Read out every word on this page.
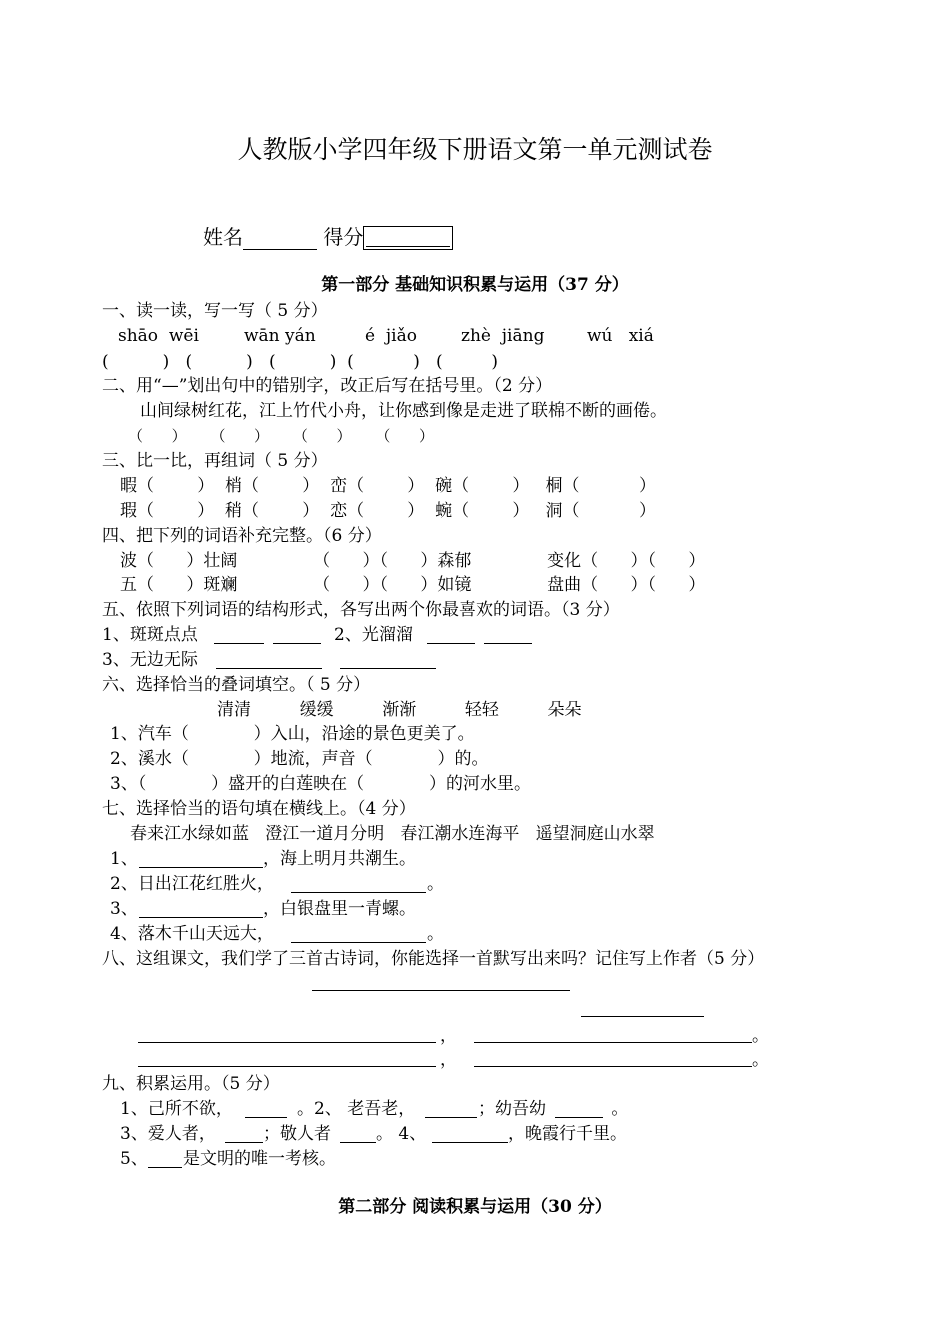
人教版小学四年级下册语文第一单元测试卷
姓名	得分
第一部分 基础知识积累与运用（37 分）
一、读一读，写一写（ 5 分）
shāo  wēi	wān yán	é  jiǎo	zhè  jiāng	wú   xiá
(          )   (          )   (          )  (           )   (         )
二、用“—”划出句中的错别字，改正后写在括号里。（2 分）
山间绿树红花，江上竹代小舟，让你感到像是走进了联棉不断的画倦。
（      ）     （      ）     （      ）     （      ）
三、比一比，再组词（ 5 分）
暇（        ）  梢（        ）  峦（        ）  碗（        ）   桐（           ）
瑕（        ）  稍（        ）  恋（        ）  蜿（        ）   洞（           ）
四、把下列的词语补充完整。（6 分）
波（      ）壮阔              （      ）（      ）森郁              变化（      ）（      ）
五（      ）斑斓              （      ）（      ）如镜              盘曲（      ）（      ）
五、依照下列词语的结构形式，各写出两个你最喜欢的词语。（3 分）
1、斑斑点点	2、光溜溜
3、无边无际
六、选择恰当的叠词填空。（ 5 分）
清清         缓缓         渐渐         轻轻         朵朵
1、汽车（            ）入山，沿途的景色更美了。
2、溪水（            ）地流，声音（            ）的。
3、（            ）盛开的白莲映在（            ）的河水里。
七、选择恰当的语句填在横线上。（4 分）
春来江水绿如蓝   澄江一道月分明   春江潮水连海平   遥望洞庭山水翠
1、	，海上明月共潮生。
2、日出江花红胜火，	。
3、	，白银盘里一青螺。
4、落木千山天远大，	。
八、这组课文，我们学了三首古诗词，你能选择一首默写出来吗？记住写上作者（5 分）
，	。
，	。
九、积累运用。（5 分）
1、己所不欲，	。2、 老吾老，	；幼吾幼	。
3、爱人者，	；敬人者	。 4、	，晚霞行千里。
5、 是文明的唯一考核。
第二部分 阅读积累与运用（30 分）
